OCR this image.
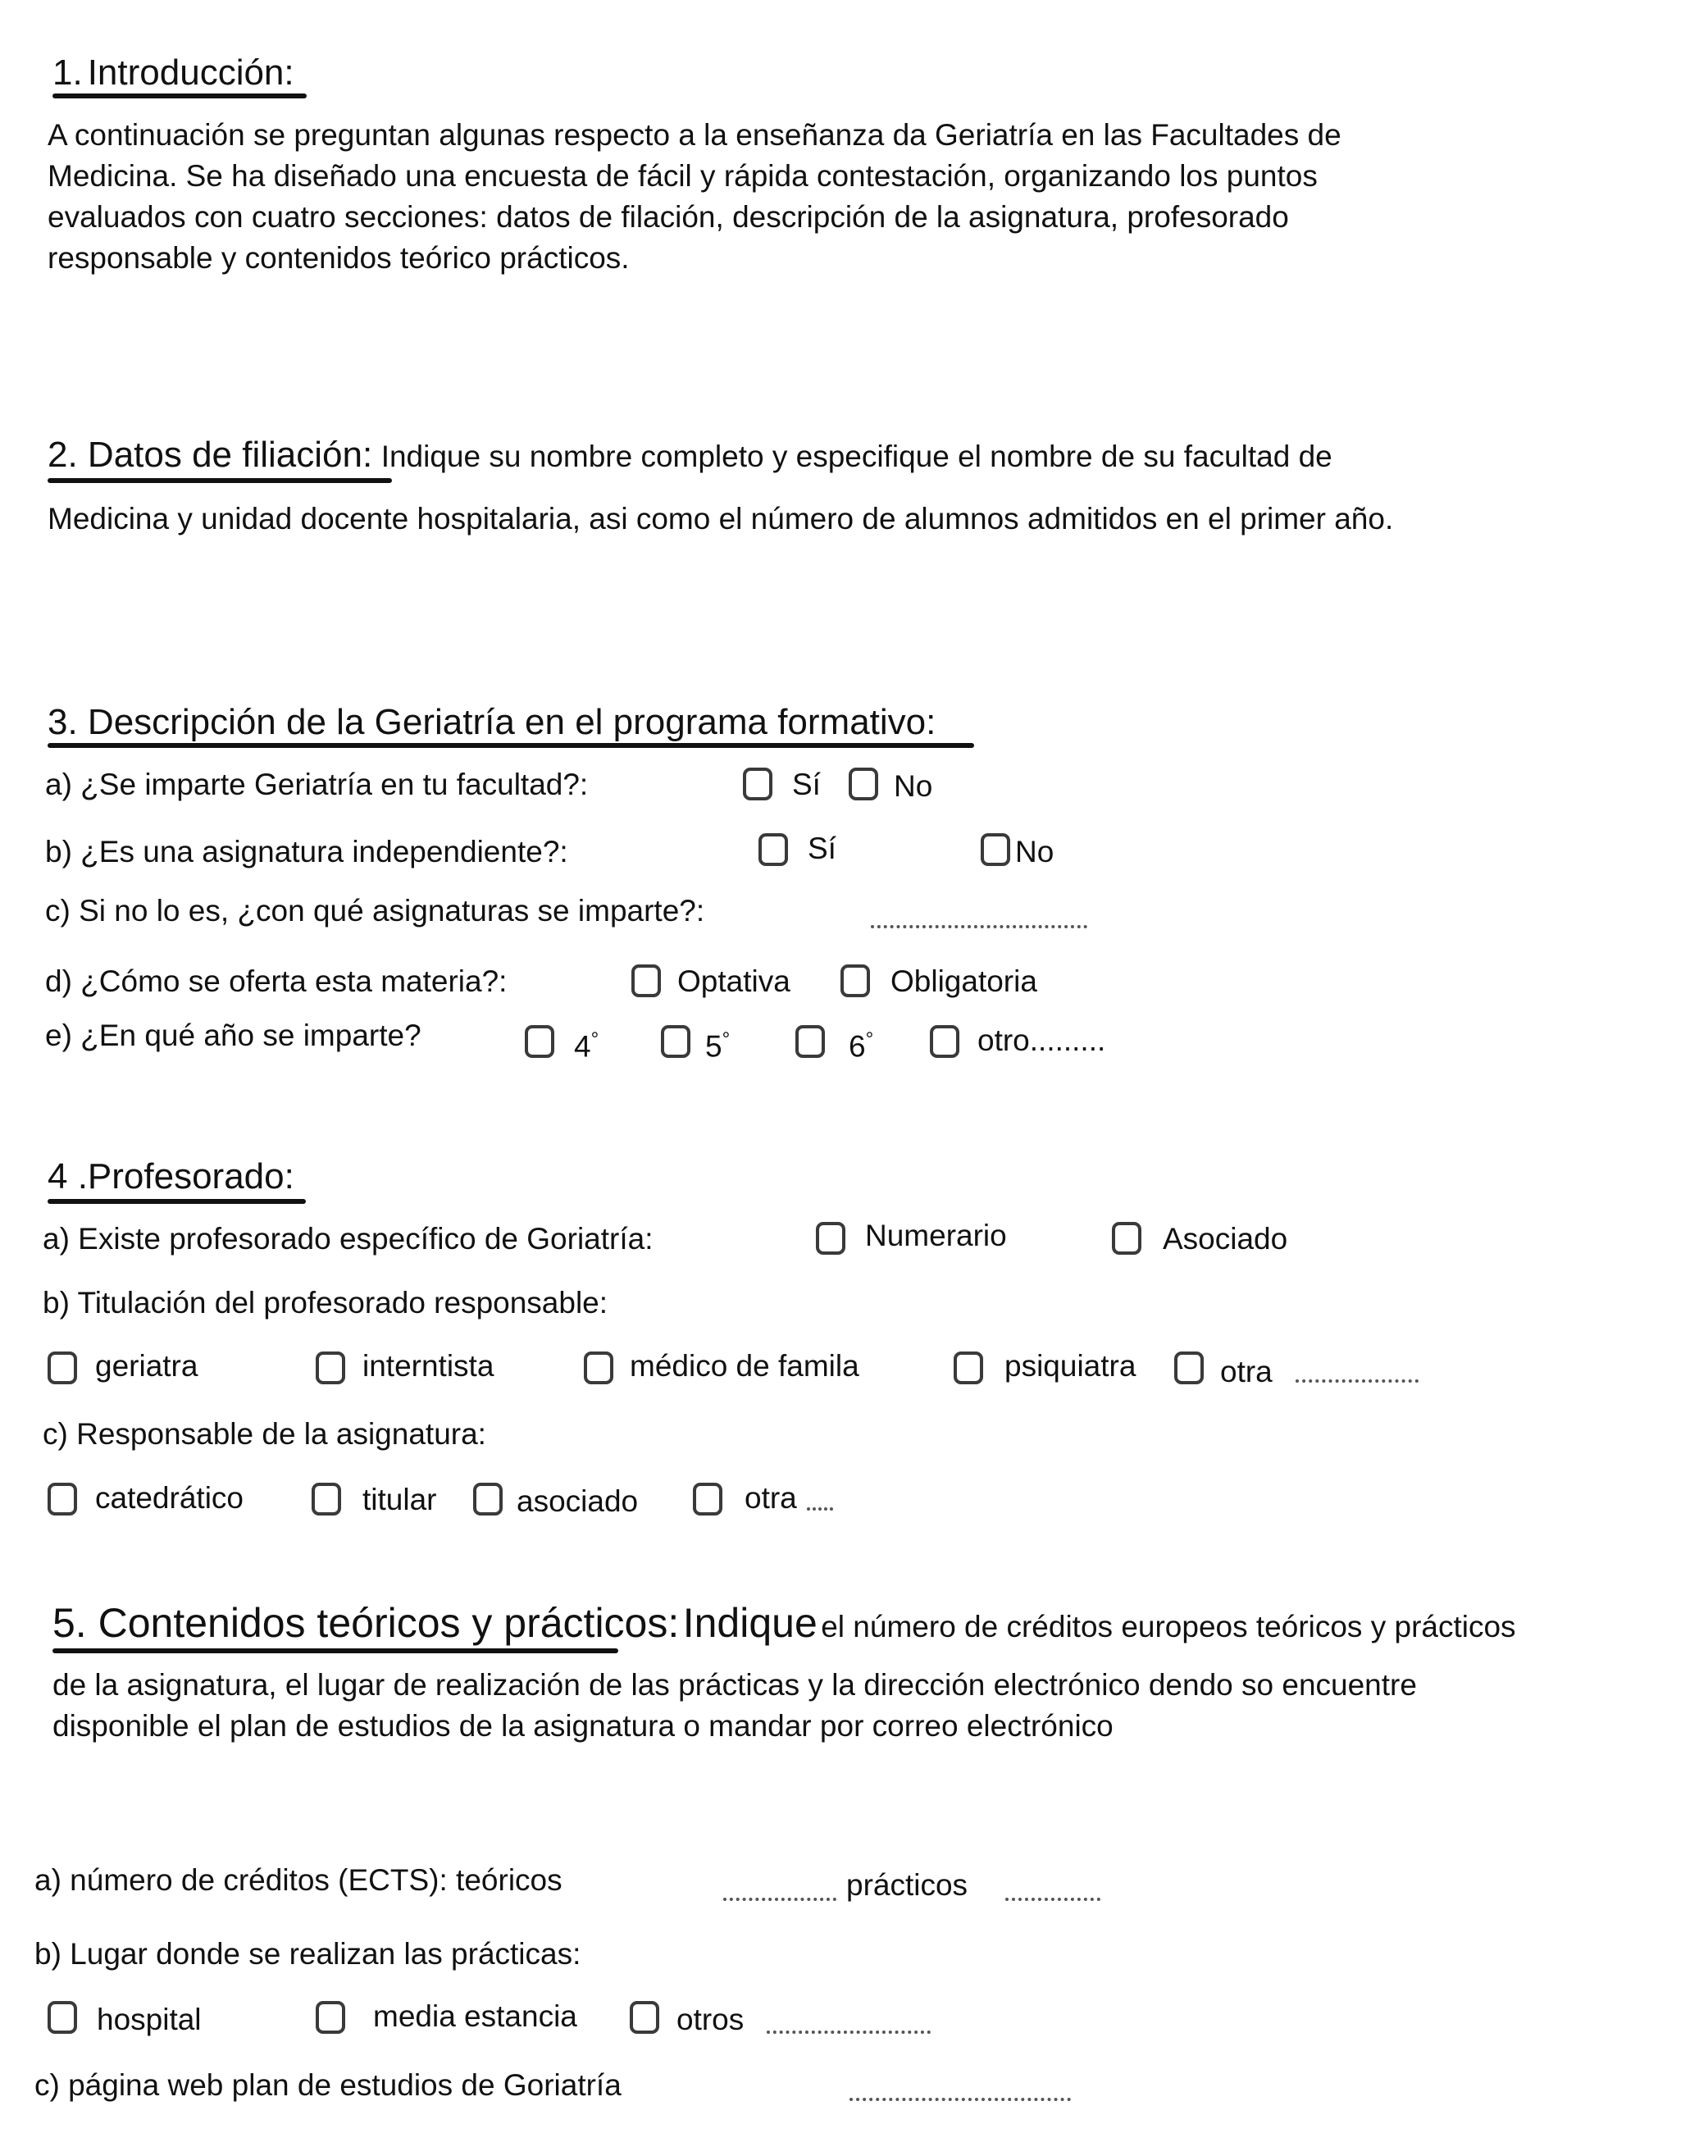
1. Introducción:
A continuación se preguntan algunas respecto a la enseñanza da Geriatría en las Facultades de Medicina. Se ha diseñado una encuesta de fácil y rápida contestación, organizando los puntos evaluados con cuatro secciones: datos de filación, descripción de la asignatura, profesorado responsable y contenidos teórico prácticos.
2. Datos de filiación: Indique su nombre completo y especifique el nombre de su facultad de
Medicina y unidad docente hospitalaria, asi como el número de alumnos admitidos en el primer año.
3. Descripción de la Geriatría en el programa formativo:
a) ¿Se imparte Geriatría en tu facultad?:	Sí No
b) ¿Es una asignatura independiente?:	Sí	No
c) Si no lo es, ¿con qué asignaturas se imparte?:
d) ¿Cómo se oferta esta materia?:	Optativa	Obligatoria
e) ¿En qué año se imparte?	4°	5°	6°	otro.........
4 .Profesorado:
a) Existe profesorado específico de Goriatría:	Numerario	Asociado
b) Titulación del profesorado responsable:
geriatra	interntista	médico de famila	psiquiatra	otra
c) Responsable de la asignatura:
catedrático	titular	asociado	otra
5. Contenidos teóricos y prácticos: Indique el número de créditos europeos teóricos y prácticos
de la asignatura, el lugar de realización de las prácticas y la dirección electrónico dendo so encuentre disponible el plan de estudios de la asignatura o mandar por correo electrónico
a) número de créditos (ECTS): teóricos	prácticos
b) Lugar donde se realizan las prácticas:
hospital	media estancia	otros
c) página web plan de estudios de Goriatría
